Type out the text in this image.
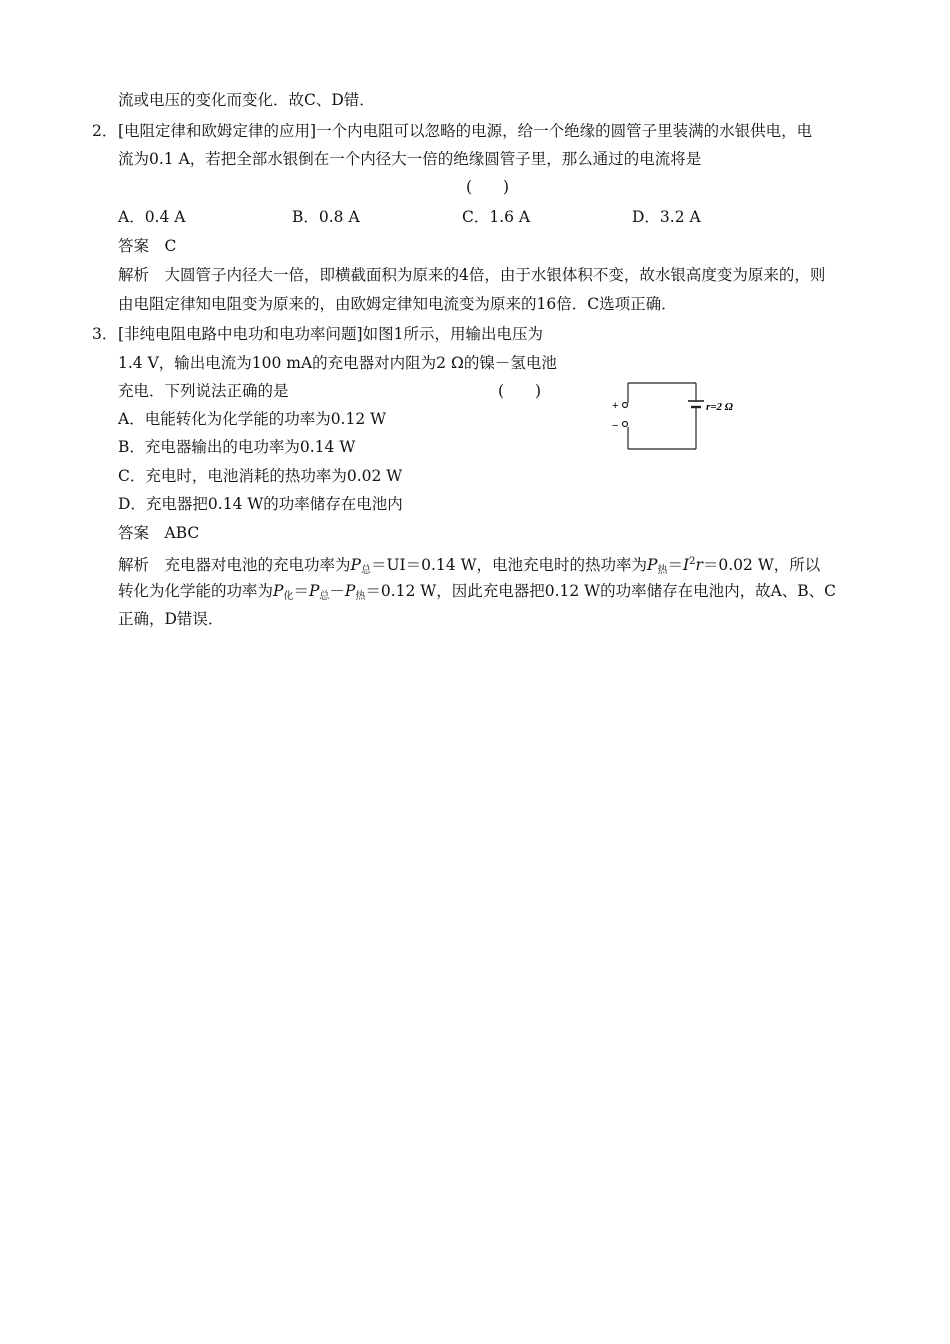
流或电压的变化而变化．故C、D错．
2． [电阻定律和欧姆定律的应用]一个内电阻可以忽略的电源，给一个绝缘的圆管子里装满的水银供电，电
流为0.1 A，若把全部水银倒在一个内径大一倍的绝缘圆管子里，那么通过的电流将是
(　　)
A．0.4 A	B．0.8 A	C．1.6 A	D．3.2 A
答案　C
解析　大圆管子内径大一倍，即横截面积为原来的4倍，由于水银体积不变，故水银高度变为原来的，则
由电阻定律知电阻变为原来的，由欧姆定律知电流变为原来的16倍．C选项正确．
3． [非纯电阻电路中电功和电功率问题]如图1所示，用输出电压为
1.4 V，输出电流为100 mA的充电器对内阻为2 Ω的镍－氢电池
充电．下列说法正确的是	(　　)
A．电能转化为化学能的功率为0.12 W
B．充电器输出的电功率为0.14 W
C．充电时，电池消耗的热功率为0.02 W
D．充电器把0.14 W的功率储存在电池内
答案　ABC
解析　充电器对电池的充电功率为$P_总=UI=0.14$ W，电池充电时的热功率为$P_热=I^2r=0.02$ W，所以
转化为化学能的功率为$P_化=P_总-P_热=0.12$ W，因此充电器把0.12 W的功率储存在电池内，故A、B、C
正确，D错误．
+
−
r=2 Ω
